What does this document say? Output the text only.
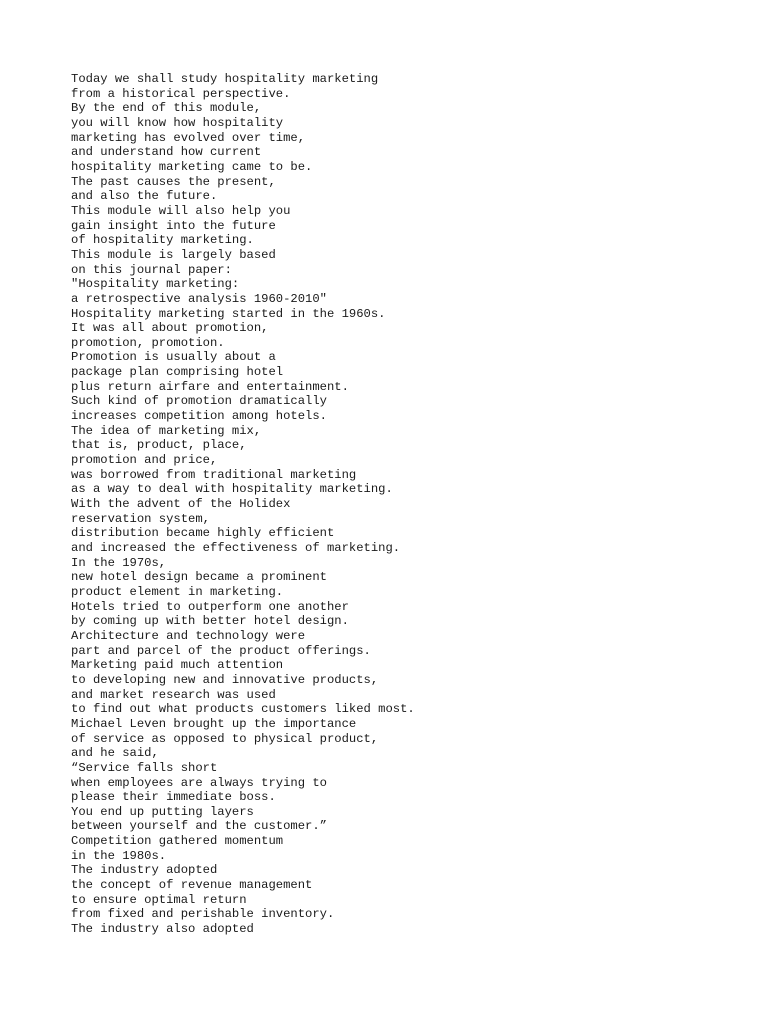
Today we shall study hospitality marketing
from a historical perspective.
By the end of this module,
you will know how hospitality
marketing has evolved over time,
and understand how current
hospitality marketing came to be.
The past causes the present,
and also the future.
This module will also help you
gain insight into the future
of hospitality marketing.
This module is largely based
on this journal paper:
"Hospitality marketing:
a retrospective analysis 1960-2010"
Hospitality marketing started in the 1960s.
It was all about promotion,
promotion, promotion.
Promotion is usually about a
package plan comprising hotel
plus return airfare and entertainment.
Such kind of promotion dramatically
increases competition among hotels.
The idea of marketing mix,
that is, product, place,
promotion and price,
was borrowed from traditional marketing
as a way to deal with hospitality marketing.
With the advent of the Holidex
reservation system,
distribution became highly efficient
and increased the effectiveness of marketing.
In the 1970s,
new hotel design became a prominent
product element in marketing.
Hotels tried to outperform one another
by coming up with better hotel design.
Architecture and technology were
part and parcel of the product offerings.
Marketing paid much attention
to developing new and innovative products,
and market research was used
to find out what products customers liked most.
Michael Leven brought up the importance
of service as opposed to physical product,
and he said,
“Service falls short
when employees are always trying to
please their immediate boss.
You end up putting layers
between yourself and the customer.”
Competition gathered momentum
in the 1980s.
The industry adopted
the concept of revenue management
to ensure optimal return
from fixed and perishable inventory.
The industry also adopted
